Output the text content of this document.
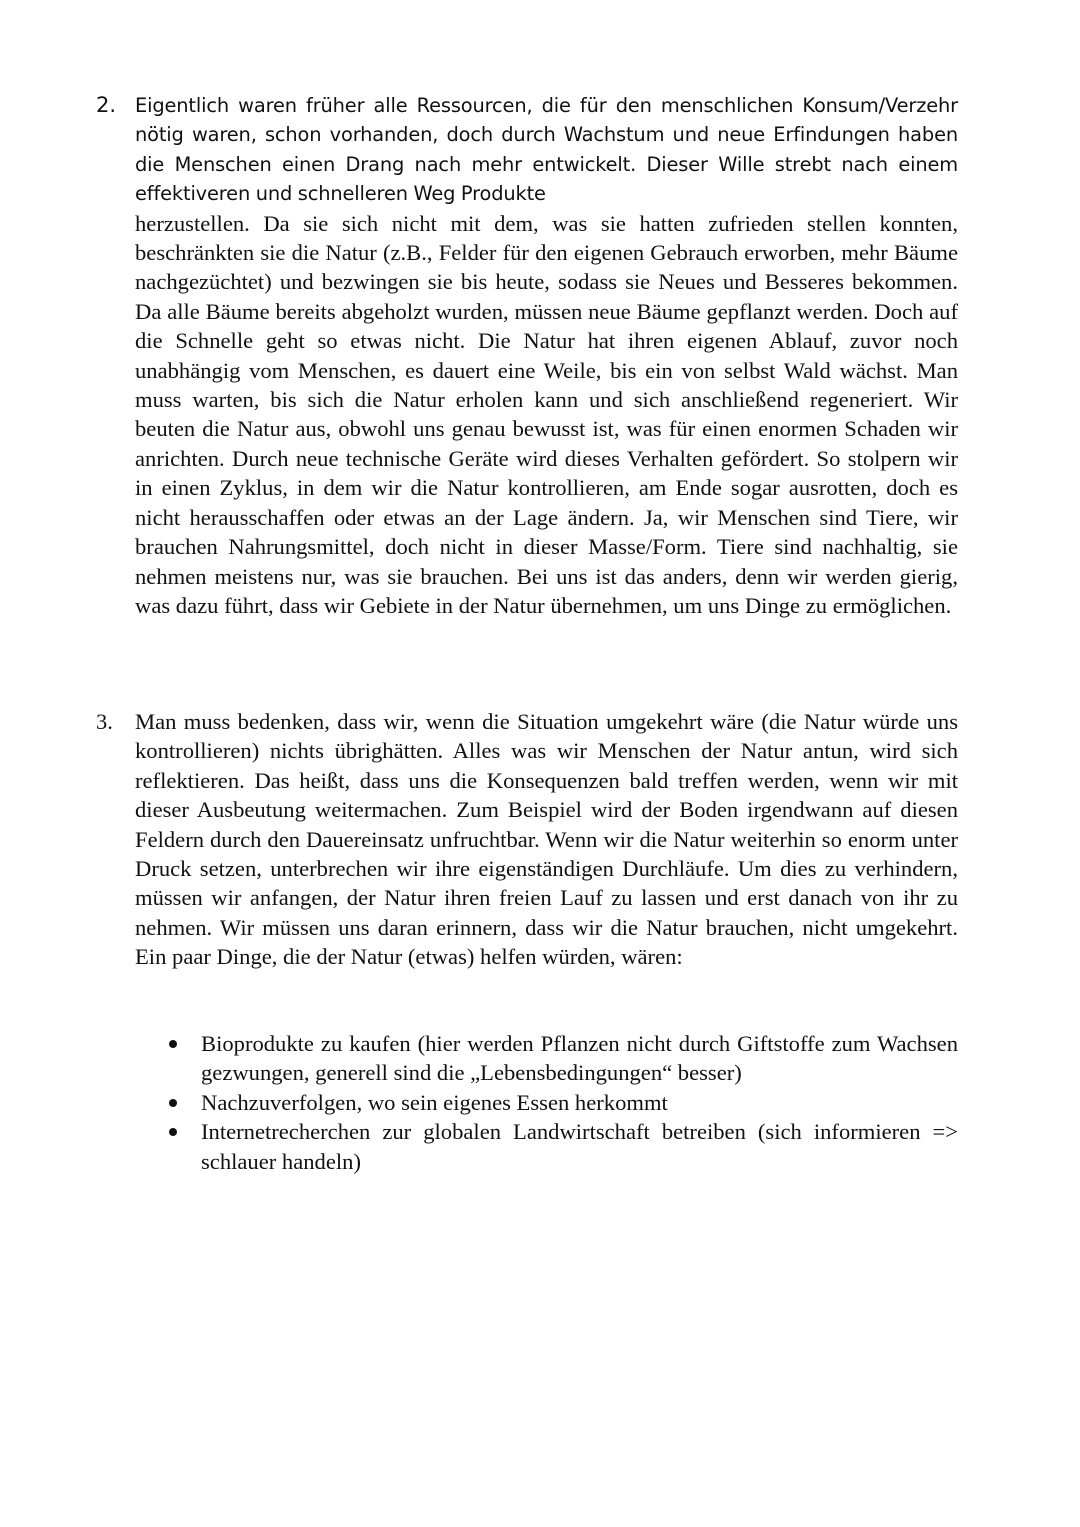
2. Eigentlich waren früher alle Ressourcen, die für den menschlichen Konsum/Verzehr nötig waren, schon vorhanden, doch durch Wachstum und neue Erfindungen haben die Menschen einen Drang nach mehr entwickelt. Dieser Wille strebt nach einem effektiveren und schnelleren Weg Produkte

herzustellen. Da sie sich nicht mit dem, was sie hatten zufrieden stellen konnten, beschränkten sie die Natur (z.B., Felder für den eigenen Gebrauch erworben, mehr Bäume nachgezüchtet) und bezwingen sie bis heute, sodass sie Neues und Besseres bekommen. Da alle Bäume bereits abgeholzt wurden, müssen neue Bäume gepflanzt werden. Doch auf die Schnelle geht so etwas nicht. Die Natur hat ihren eigenen Ablauf, zuvor noch unabhängig vom Menschen, es dauert eine Weile, bis ein von selbst Wald wächst. Man muss warten, bis sich die Natur erholen kann und sich anschließend regeneriert. Wir beuten die Natur aus, obwohl uns genau bewusst ist, was für einen enormen Schaden wir anrichten. Durch neue technische Geräte wird dieses Verhalten gefördert. So stolpern wir in einen Zyklus, in dem wir die Natur kontrollieren, am Ende sogar ausrotten, doch es nicht herausschaffen oder etwas an der Lage ändern. Ja, wir Menschen sind Tiere, wir brauchen Nahrungsmittel, doch nicht in dieser Masse/Form. Tiere sind nachhaltig, sie nehmen meistens nur, was sie brauchen. Bei uns ist das anders, denn wir werden gierig, was dazu führt, dass wir Gebiete in der Natur übernehmen, um uns Dinge zu ermöglichen.

3. Man muss bedenken, dass wir, wenn die Situation umgekehrt wäre (die Natur würde uns kontrollieren) nichts übrighätten. Alles was wir Menschen der Natur antun, wird sich reflektieren. Das heißt, dass uns die Konsequenzen bald treffen werden, wenn wir mit dieser Ausbeutung weitermachen. Zum Beispiel wird der Boden irgendwann auf diesen Feldern durch den Dauereinsatz unfruchtbar. Wenn wir die Natur weiterhin so enorm unter Druck setzen, unterbrechen wir ihre eigenständigen Durchläufe. Um dies zu verhindern, müssen wir anfangen, der Natur ihren freien Lauf zu lassen und erst danach von ihr zu nehmen. Wir müssen uns daran erinnern, dass wir die Natur brauchen, nicht umgekehrt. Ein paar Dinge, die der Natur (etwas) helfen würden, wären:

Bioprodukte zu kaufen (hier werden Pflanzen nicht durch Giftstoffe zum Wachsen gezwungen, generell sind die „Lebensbedingungen“ besser)
Nachzuverfolgen, wo sein eigenes Essen herkommt
Internetrecherchen zur globalen Landwirtschaft betreiben (sich informieren => schlauer handeln)
